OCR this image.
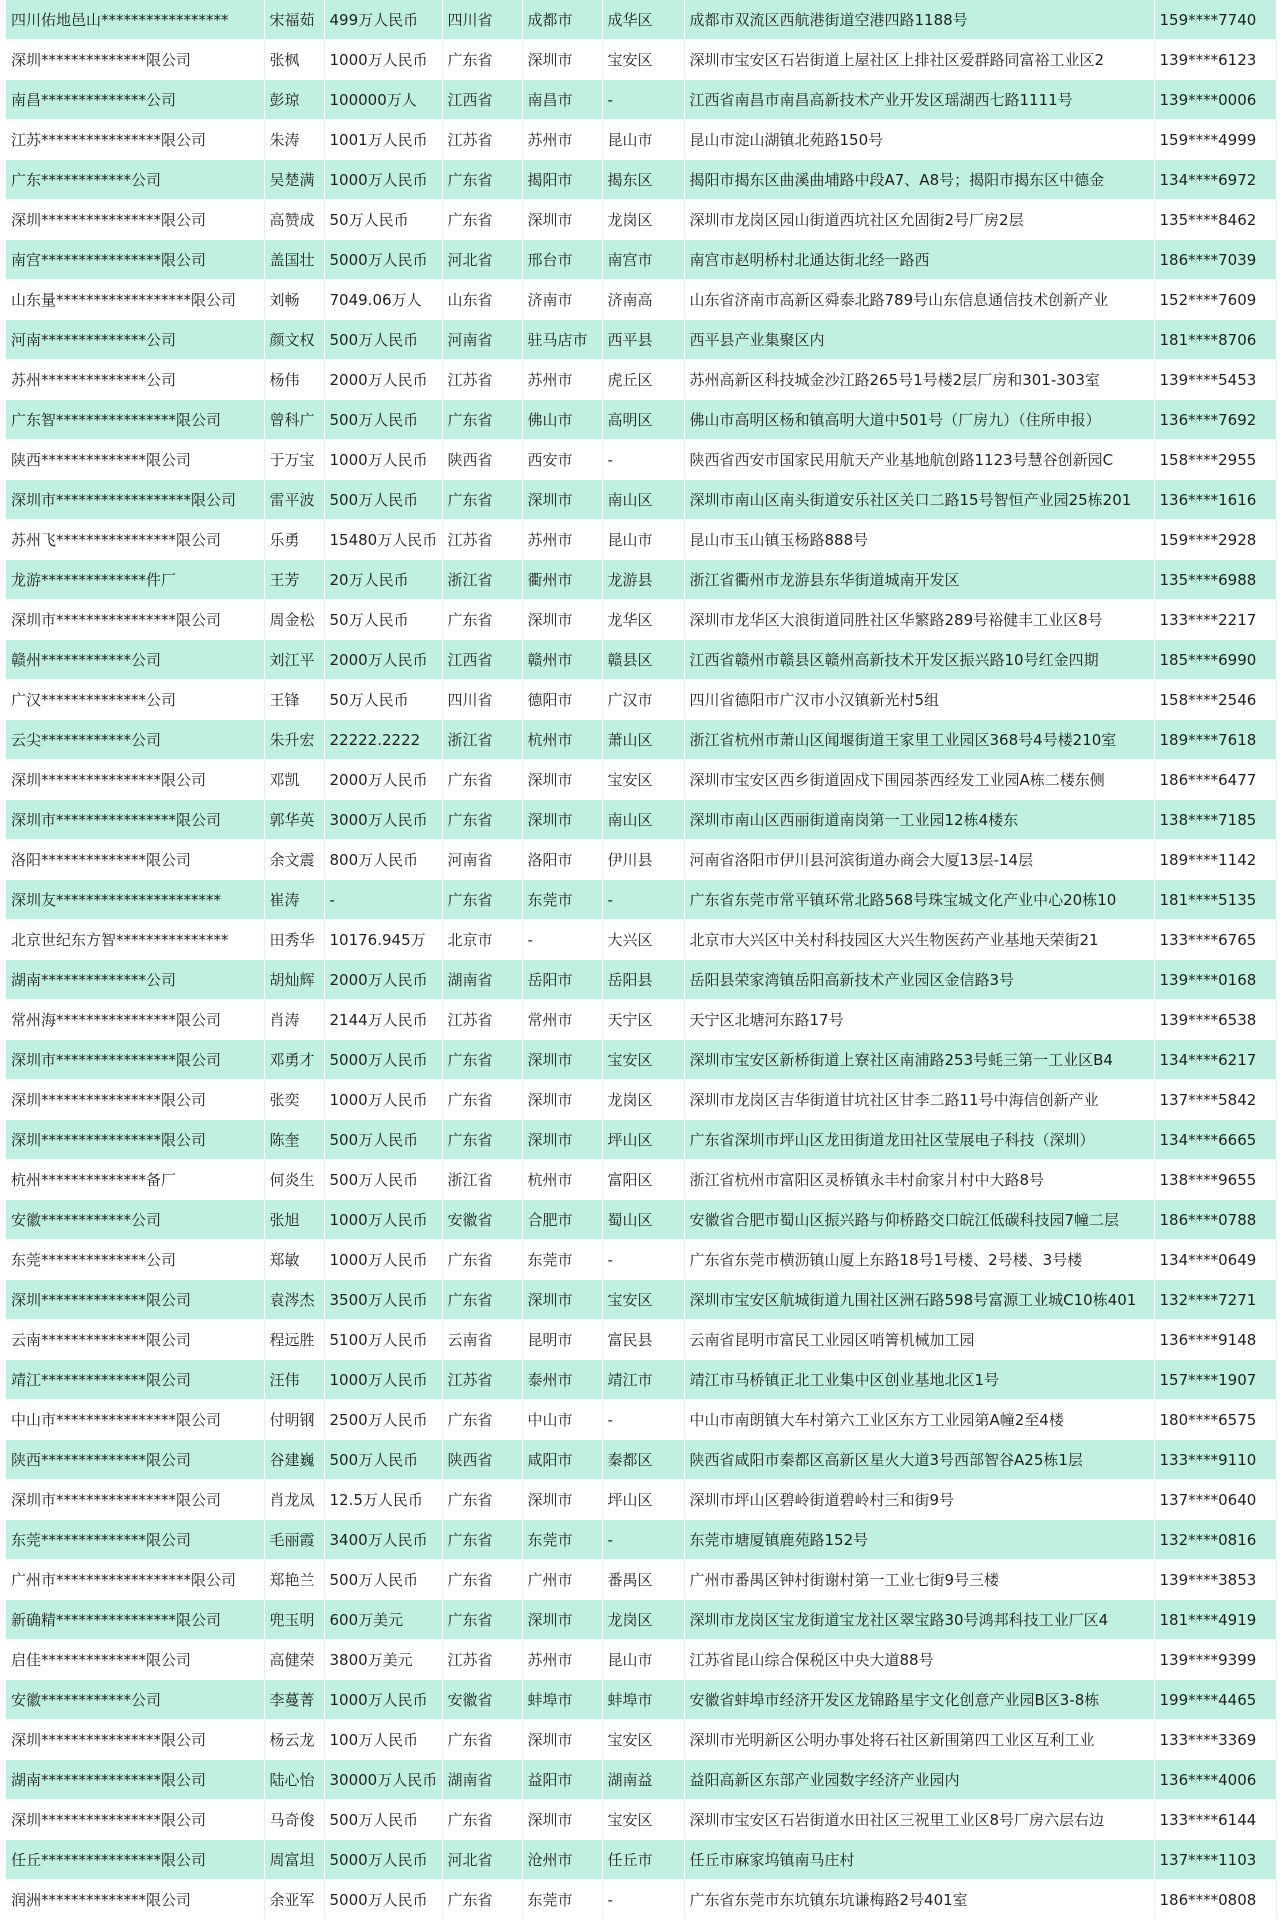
四川佑地邑山*****************	宋福茹	499万人民币	四川省	成都市	成华区	成都市双流区西航港街道空港四路1188号	159****7740
深圳**************限公司	张枫	1000万人民币	广东省	深圳市	宝安区	深圳市宝安区石岩街道上屋社区上排社区爱群路同富裕工业区2	139****6123
南昌**************公司	彭琼	100000万人	江西省	南昌市	-	江西省南昌市南昌高新技术产业开发区瑶湖西七路1111号	139****0006
江苏****************限公司	朱涛	1001万人民币	江苏省	苏州市	昆山市	昆山市淀山湖镇北苑路150号	159****4999
广东************公司	吴楚满	1000万人民币	广东省	揭阳市	揭东区	揭阳市揭东区曲溪曲埔路中段A7、A8号；揭阳市揭东区中德金	134****6972
深圳****************限公司	高赞成	50万人民币	广东省	深圳市	龙岗区	深圳市龙岗区园山街道西坑社区允固街2号厂房2层	135****8462
南宫****************限公司	盖国壮	5000万人民币	河北省	邢台市	南宫市	南宫市赵明桥村北通达街北经一路西	186****7039
山东量******************限公司	刘畅	7049.06万人	山东省	济南市	济南高	山东省济南市高新区舜泰北路789号山东信息通信技术创新产业	152****7609
河南**************公司	颜文权	500万人民币	河南省	驻马店市	西平县	西平县产业集聚区内	181****8706
苏州**************公司	杨伟	2000万人民币	江苏省	苏州市	虎丘区	苏州高新区科技城金沙江路265号1号楼2层厂房和301-303室	139****5453
广东智****************限公司	曾科广	500万人民币	广东省	佛山市	高明区	佛山市高明区杨和镇高明大道中501号（厂房九）（住所申报）	136****7692
陕西**************限公司	于万宝	1000万人民币	陕西省	西安市	-	陕西省西安市国家民用航天产业基地航创路1123号慧谷创新园C	158****2955
深圳市******************限公司	雷平波	500万人民币	广东省	深圳市	南山区	深圳市南山区南头街道安乐社区关口二路15号智恒产业园25栋201	136****1616
苏州飞****************限公司	乐勇	15480万人民币	江苏省	苏州市	昆山市	昆山市玉山镇玉杨路888号	159****2928
龙游**************件厂	王芳	20万人民币	浙江省	衢州市	龙游县	浙江省衢州市龙游县东华街道城南开发区	135****6988
深圳市****************限公司	周金松	50万人民币	广东省	深圳市	龙华区	深圳市龙华区大浪街道同胜社区华繁路289号裕健丰工业区8号	133****2217
赣州************公司	刘江平	2000万人民币	江西省	赣州市	赣县区	江西省赣州市赣县区赣州高新技术开发区振兴路10号红金四期	185****6990
广汉**************公司	王锋	50万人民币	四川省	德阳市	广汉市	四川省德阳市广汉市小汉镇新光村5组	158****2546
云尖************公司	朱升宏	22222.2222	浙江省	杭州市	萧山区	浙江省杭州市萧山区闻堰街道王家里工业园区368号4号楼210室	189****7618
深圳****************限公司	邓凯	2000万人民币	广东省	深圳市	宝安区	深圳市宝安区西乡街道固戍下围园茶西经发工业园A栋二楼东侧	186****6477
深圳市****************限公司	郭华英	3000万人民币	广东省	深圳市	南山区	深圳市南山区西丽街道南岗第一工业园12栋4楼东	138****7185
洛阳**************限公司	余文震	800万人民币	河南省	洛阳市	伊川县	河南省洛阳市伊川县河滨街道办商会大厦13层-14层	189****1142
深圳友**********************	崔涛	-	广东省	东莞市	-	广东省东莞市常平镇环常北路568号珠宝城文化产业中心20栋10	181****5135
北京世纪东方智***************	田秀华	10176.945万	北京市	-	大兴区	北京市大兴区中关村科技园区大兴生物医药产业基地天荣街21	133****6765
湖南**************公司	胡灿辉	2000万人民币	湖南省	岳阳市	岳阳县	岳阳县荣家湾镇岳阳高新技术产业园区金信路3号	139****0168
常州海****************限公司	肖涛	2144万人民币	江苏省	常州市	天宁区	天宁区北塘河东路17号	139****6538
深圳市****************限公司	邓勇才	5000万人民币	广东省	深圳市	宝安区	深圳市宝安区新桥街道上寮社区南浦路253号蚝三第一工业区B4	134****6217
深圳****************限公司	张奕	1000万人民币	广东省	深圳市	龙岗区	深圳市龙岗区吉华街道甘坑社区甘李二路11号中海信创新产业	137****5842
深圳****************限公司	陈奎	500万人民币	广东省	深圳市	坪山区	广东省深圳市坪山区龙田街道龙田社区莹展电子科技（深圳）	134****6665
杭州**************备厂	何炎生	500万人民币	浙江省	杭州市	富阳区	浙江省杭州市富阳区灵桥镇永丰村俞家爿村中大路8号	138****9655
安徽************公司	张旭	1000万人民币	安徽省	合肥市	蜀山区	安徽省合肥市蜀山区振兴路与仰桥路交口皖江低碳科技园7幢二层	186****0788
东莞**************公司	郑敏	1000万人民币	广东省	东莞市	-	广东省东莞市横沥镇山厦上东路18号1号楼、2号楼、3号楼	134****0649
深圳**************限公司	袁涔杰	3500万人民币	广东省	深圳市	宝安区	深圳市宝安区航城街道九围社区洲石路598号富源工业城C10栋401	132****7271
云南**************限公司	程远胜	5100万人民币	云南省	昆明市	富民县	云南省昆明市富民工业园区哨箐机械加工园	136****9148
靖江**************限公司	汪伟	1000万人民币	江苏省	泰州市	靖江市	靖江市马桥镇正北工业集中区创业基地北区1号	157****1907
中山市****************限公司	付明钢	2500万人民币	广东省	中山市	-	中山市南朗镇大车村第六工业区东方工业园第A幢2至4楼	180****6575
陕西**************限公司	谷建巍	500万人民币	陕西省	咸阳市	秦都区	陕西省咸阳市秦都区高新区星火大道3号西部智谷A25栋1层	133****9110
深圳市****************限公司	肖龙凤	12.5万人民币	广东省	深圳市	坪山区	深圳市坪山区碧岭街道碧岭村三和街9号	137****0640
东莞**************限公司	毛丽霞	3400万人民币	广东省	东莞市	-	东莞市塘厦镇鹿苑路152号	132****0816
广州市******************限公司	郑艳兰	500万人民币	广东省	广州市	番禺区	广州市番禺区钟村街谢村第一工业七街9号三楼	139****3853
新确精****************限公司	兜玉明	600万美元	广东省	深圳市	龙岗区	深圳市龙岗区宝龙街道宝龙社区翠宝路30号鸿邦科技工业厂区4	181****4919
启佳**************限公司	高健荣	3800万美元	江苏省	苏州市	昆山市	江苏省昆山综合保税区中央大道88号	139****9399
安徽************公司	李蔓菁	1000万人民币	安徽省	蚌埠市	蚌埠市	安徽省蚌埠市经济开发区龙锦路星宇文化创意产业园B区3-8栋	199****4465
深圳****************限公司	杨云龙	100万人民币	广东省	深圳市	宝安区	深圳市光明新区公明办事处将石社区新围第四工业区互利工业	133****3369
湖南****************限公司	陆心怡	30000万人民币	湖南省	益阳市	湖南益	益阳高新区东部产业园数字经济产业园内	136****4006
深圳****************限公司	马奇俊	500万人民币	广东省	深圳市	宝安区	深圳市宝安区石岩街道水田社区三祝里工业区8号厂房六层右边	133****6144
任丘****************限公司	周富坦	5000万人民币	河北省	沧州市	任丘市	任丘市麻家坞镇南马庄村	137****1103
润洲**************限公司	余亚军	5000万人民币	广东省	东莞市	-	广东省东莞市东坑镇东坑谦梅路2号401室	186****0808
